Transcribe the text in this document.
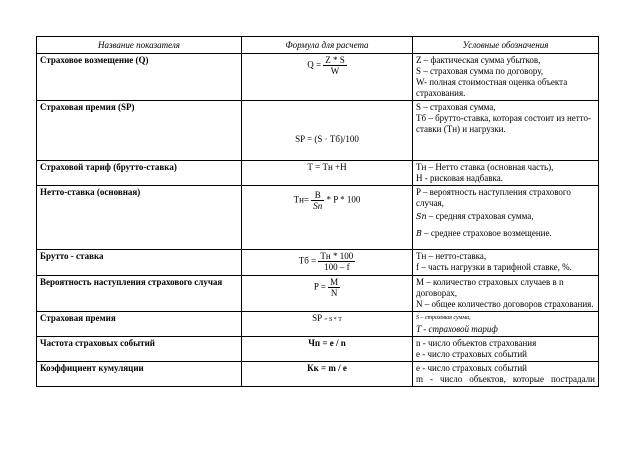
Название показателя	Формула для расчета	Условные обозначения
Страховое возмещение (Q)	$Q = \frac{Z * S}{W}$	Z – фактическая сумма убытков,
S – страховая сумма по договору,
W- полная стоимостная оценка объекта страхования.

Страховая премия (SP)	SP = (S · Тб)/100	S – страховая сумма,
Тб – брутто-ставка, которая состоит из нетто-ставки (Тн) и нагрузки.

Страховой тариф (брутто-ставка)	Т = Тн +Н	Тн – Нетто ставка (основная часть),
Н - рисковая надбавка.

Нетто-ставка (основная)	$Тн= \frac{В}{Sn} * P * 100$	P – вероятность наступления страхового случая,
Sn – средняя страховая сумма,
В – среднее страховое возмещение.

Брутто - ставка	Тб = $\frac{Тн * 100}{100 - f}$	Тн – нетто-ставка,
f – часть нагрузки в тарифной ставке, %.

Вероятность наступления страхового случая	$P = \frac{M}{N}$	M – количество страховых случаев в n договорах,
N – общее количество договоров страхования.

Страховая премия	SP = S * T	S – страховая сумма,
Т - страховой тариф

Частота страховых событий	Чп = е / n	n - число объектов страхования
е - число страховых событий

Коэффициент кумуляции	Кк = m / e	е - число страховых событий
m - число объектов, которые пострадали
